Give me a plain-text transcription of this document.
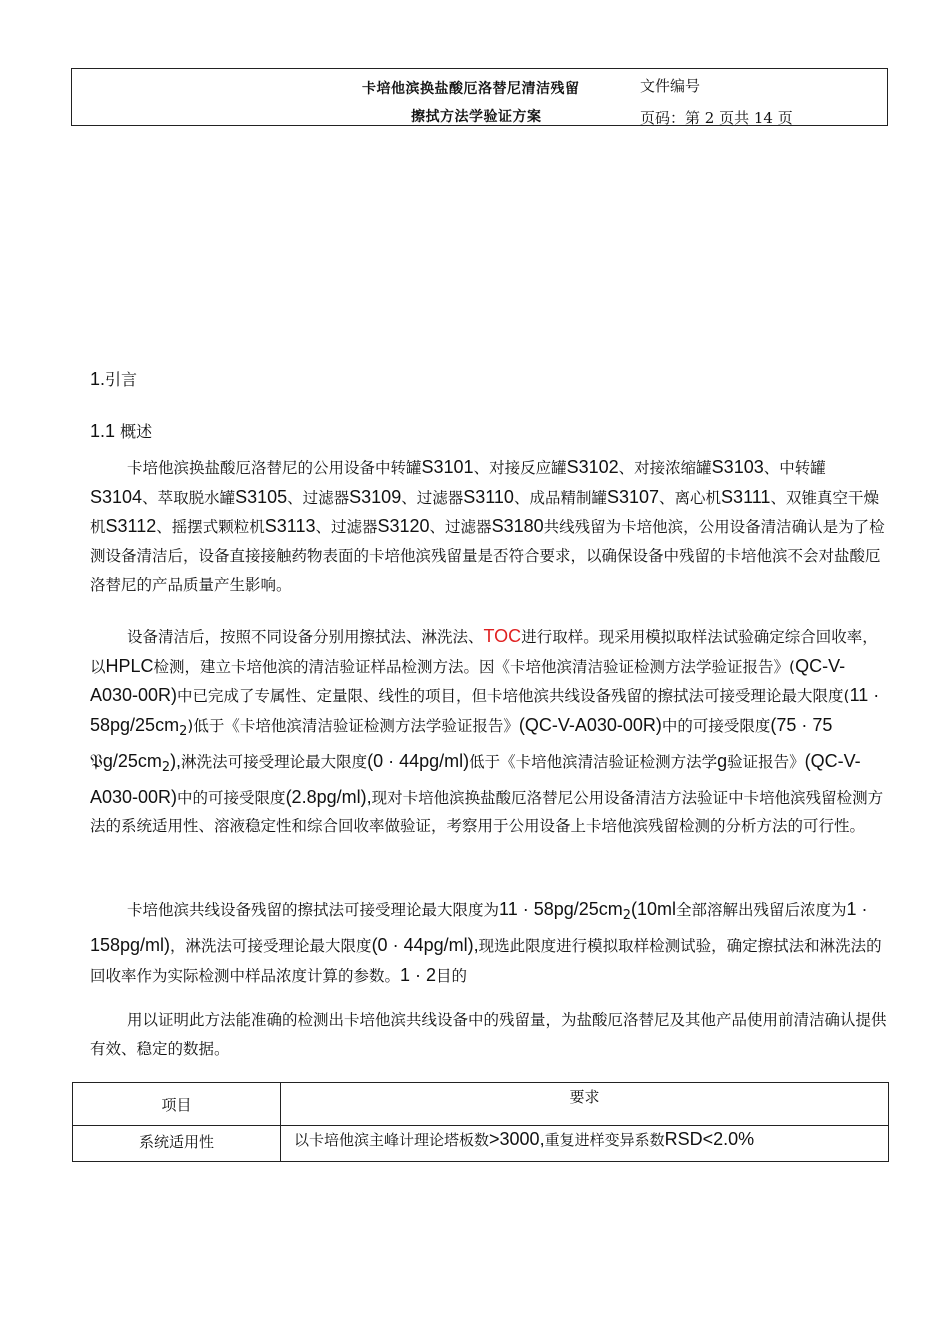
卡培他滨换盐酸厄洛替尼清洁残留
擦拭方法学验证方案
文件编号
页码：第 2 页共 14 页
1.引言
1.1 概述

卡培他滨换盐酸厄洛替尼的公用设备中转罐S3101、对接反应罐S3102、对接浓缩罐S3103、中转罐S3104、萃取脱水罐S3105、过滤器S3109、过滤器S3110、成品精制罐S3107、离心机S3111、双锥真空干燥机S3112、摇摆式颗粒机S3113、过滤器S3120、过滤器S3180共线残留为卡培他滨，公用设备清洁确认是为了检测设备清洁后，设备直接接触药物表面的卡培他滨残留量是否符合要求，以确保设备中残留的卡培他滨不会对盐酸厄洛替尼的产品质量产生影响。

设备清洁后，按照不同设备分别用擦拭法、淋洗法、TOC进行取样。现采用模拟取样法试验确定综合回收率，以HPLC检测，建立卡培他滨的清洁验证样品检测方法。因《卡培他滨清洁验证检测方法学验证报告》(QC-V-A030-00R)中已完成了专属性、定量限、线性的项目，但卡培他滨共线设备残留的擦拭法可接受理论最大限度$(11 \cdot 58pg/25cm_2)$低于《卡培他滨清洁验证检测方法学验证报告》(QC-V-A030-00R)中的可接受限度(75 · 75 $𝔓g/25cm_2$),淋洗法可接受理论最大限度(0 · 44pg/ml)低于《卡培他滨清洁验证检测方法学g验证报告》(QC-V-A030-00R)中的可接受限度(2.8pg/ml),现对卡培他滨换盐酸厄洛替尼公用设备清洁方法验证中卡培他滨残留检测方法的系统适用性、溶液稳定性和综合回收率做验证，考察用于公用设备上卡培他滨残留检测的分析方法的可行性。

卡培他滨共线设备残留的擦拭法可接受理论最大限度为$11 \cdot 58pg/25cm_2(10ml$全部溶解出残留后浓度为1 · 158pg/ml)，淋洗法可接受理论最大限度(0 · 44pg/ml),现选此限度进行模拟取样检测试验，确定擦拭法和淋洗法的回收率作为实际检测中样品浓度计算的参数。1 · 2目的

用以证明此方法能准确的检测出卡培他滨共线设备中的残留量，为盐酸厄洛替尼及其他产品使用前清洁确认提供有效、稳定的数据。

项目	要求

系统适用性	以卡培他滨主峰计理论塔板数>3000,重复进样变异系数RSD<2.0%
